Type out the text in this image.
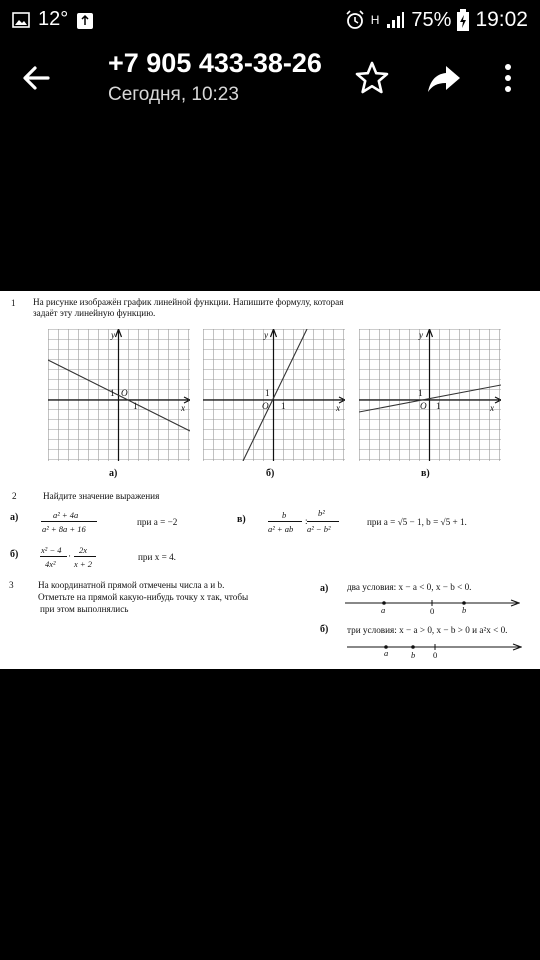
12°	H 75% 19:02
+7 905 433-38-26
Сегодня, 10:23
1 На рисунке изображён график линейной функции. Напишите формулу, которая
задаёт эту линейную функцию.
y
x
1 O
1
а)
y
x
1
O 1
б)
y
x
1
O 1
в)
2	Найдите значение выражения
а)	a² + 4a
a² + 8a + 16
при a = −2	в)	b
a² + ab
:
b²
a² − b²
при a = √5 − 1, b = √5 + 1.
б)	x² − 4
4x²
·
2x
x + 2
при x = 4.
3	На координатной прямой отмечены числа a и b.
Отметьте на прямой какую-нибудь точку x так, чтобы
при этом выполнялись
а) два условия: x − a < 0, x − b < 0.
a	0	b
б) три условия: x − a > 0, x − b > 0 и a²x < 0.
a	b 0
